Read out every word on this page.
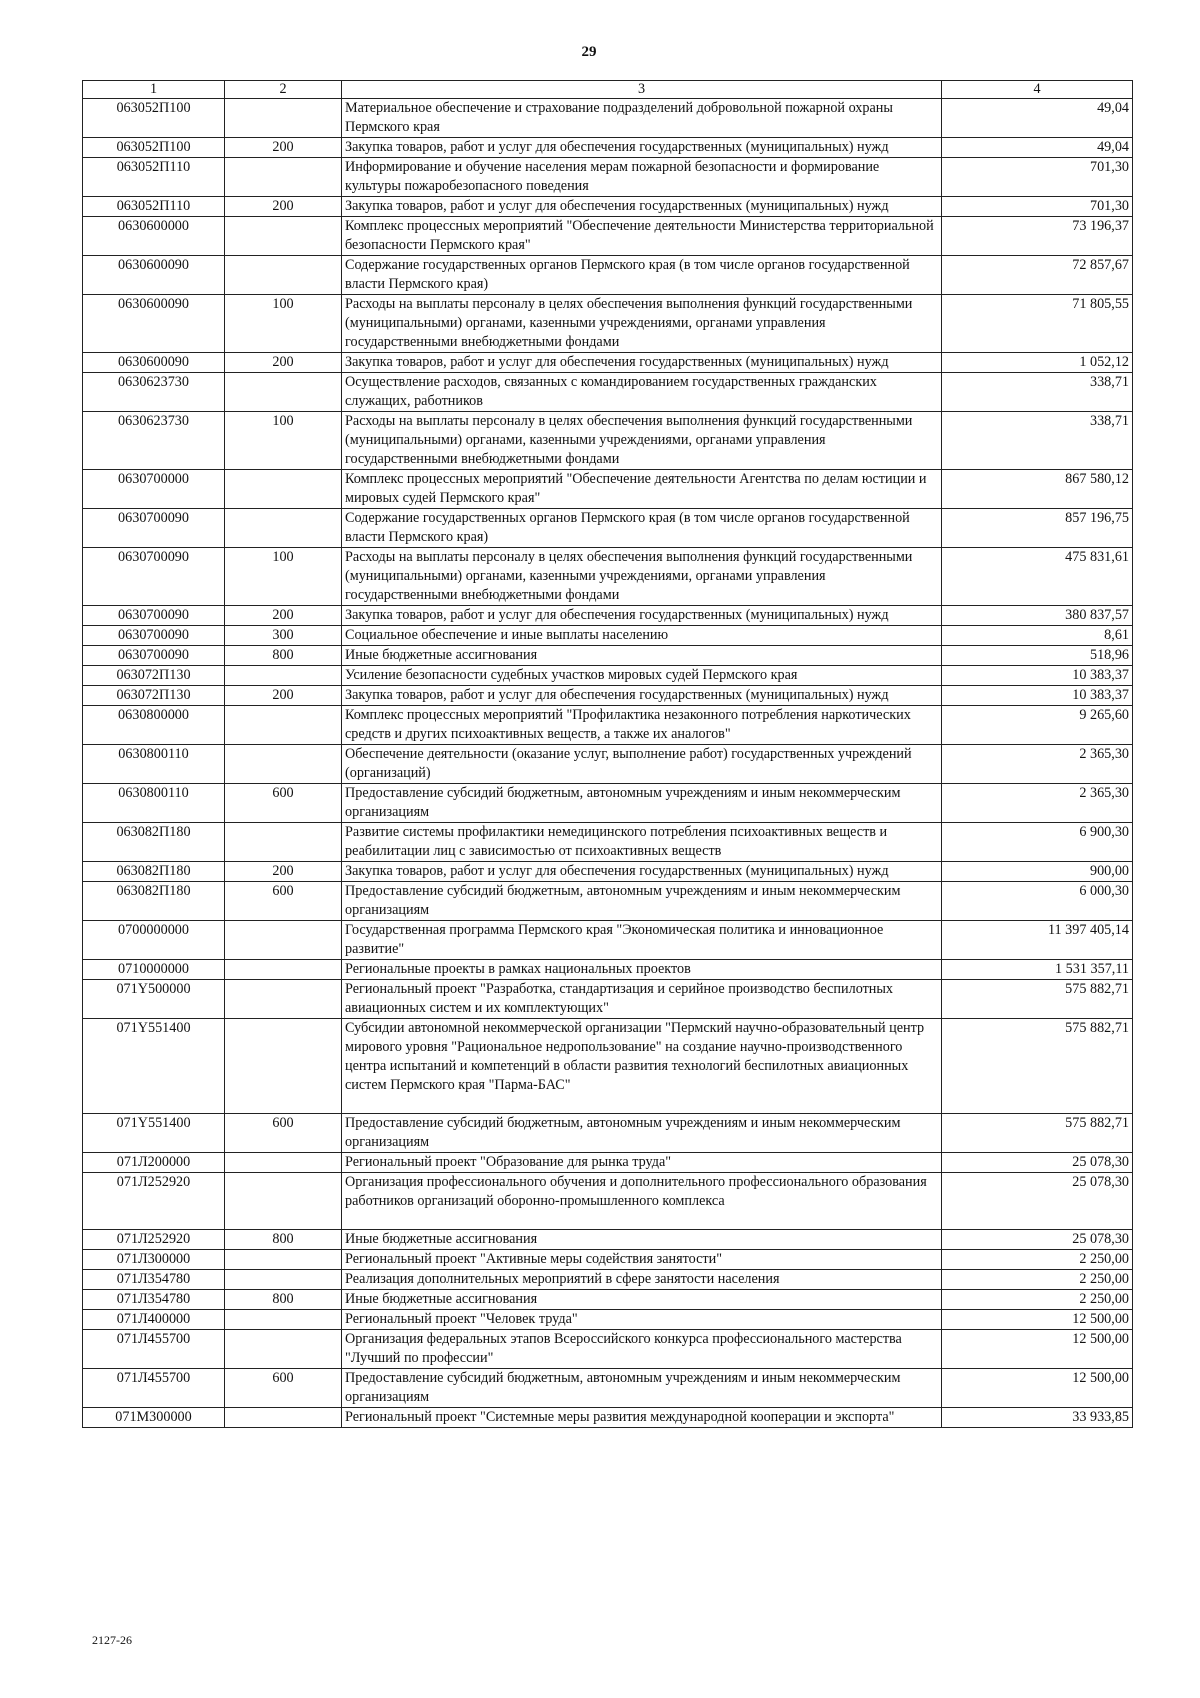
29
1	2	3	4
063052П100		Материальное обеспечение и страхование подразделений добровольной пожарной охраны Пермского края	49,04
063052П100	200	Закупка товаров, работ и услуг для обеспечения государственных (муниципальных) нужд	49,04
063052П110		Информирование и обучение населения мерам пожарной безопасности и формирование культуры пожаробезопасного поведения	701,30
063052П110	200	Закупка товаров, работ и услуг для обеспечения государственных (муниципальных) нужд	701,30
0630600000		Комплекс процессных мероприятий "Обеспечение деятельности Министерства территориальной безопасности Пермского края"	73 196,37
0630600090		Содержание государственных органов Пермского края (в том числе органов государственной власти Пермского края)	72 857,67
0630600090	100	Расходы на выплаты персоналу в целях обеспечения выполнения функций государственными (муниципальными) органами, казенными учреждениями, органами управления государственными внебюджетными фондами	71 805,55
0630600090	200	Закупка товаров, работ и услуг для обеспечения государственных (муниципальных) нужд	1 052,12
0630623730		Осуществление расходов, связанных с командированием государственных гражданских служащих, работников	338,71
0630623730	100	Расходы на выплаты персоналу в целях обеспечения выполнения функций государственными (муниципальными) органами, казенными учреждениями, органами управления государственными внебюджетными фондами	338,71
0630700000		Комплекс процессных мероприятий "Обеспечение деятельности Агентства по делам юстиции и мировых судей Пермского края"	867 580,12
0630700090		Содержание государственных органов Пермского края (в том числе органов государственной власти Пермского края)	857 196,75
0630700090	100	Расходы на выплаты персоналу в целях обеспечения выполнения функций государственными (муниципальными) органами, казенными учреждениями, органами управления государственными внебюджетными фондами	475 831,61
0630700090	200	Закупка товаров, работ и услуг для обеспечения государственных (муниципальных) нужд	380 837,57
0630700090	300	Социальное обеспечение и иные выплаты населению	8,61
0630700090	800	Иные бюджетные ассигнования	518,96
063072П130		Усиление безопасности судебных участков мировых судей Пермского края	10 383,37
063072П130	200	Закупка товаров, работ и услуг для обеспечения государственных (муниципальных) нужд	10 383,37
0630800000		Комплекс процессных мероприятий "Профилактика незаконного потребления наркотических средств и других психоактивных веществ, а также их аналогов"	9 265,60
0630800110		Обеспечение деятельности (оказание услуг, выполнение работ) государственных учреждений (организаций)	2 365,30
0630800110	600	Предоставление субсидий бюджетным, автономным учреждениям и иным некоммерческим организациям	2 365,30
063082П180		Развитие системы профилактики немедицинского потребления психоактивных веществ и реабилитации лиц с зависимостью от психоактивных веществ	6 900,30
063082П180	200	Закупка товаров, работ и услуг для обеспечения государственных (муниципальных) нужд	900,00
063082П180	600	Предоставление субсидий бюджетным, автономным учреждениям и иным некоммерческим организациям	6 000,30
0700000000		Государственная программа Пермского края "Экономическая политика и инновационное развитие"	11 397 405,14
0710000000		Региональные проекты в рамках национальных проектов	1 531 357,11
071Y500000		Региональный проект "Разработка, стандартизация и серийное производство беспилотных авиационных систем и их комплектующих"	575 882,71
071Y551400		Субсидии автономной некоммерческой организации "Пермский научно-образовательный центр мирового уровня "Рациональное недропользование" на создание научно-производственного центра испытаний и компетенций в области развития технологий беспилотных авиационных систем Пермского края "Парма-БАС"	575 882,71
071Y551400	600	Предоставление субсидий бюджетным, автономным учреждениям и иным некоммерческим организациям	575 882,71
071Л200000		Региональный проект "Образование для рынка труда"	25 078,30
071Л252920		Организация профессионального обучения и дополнительного профессионального образования работников организаций оборонно-промышленного комплекса	25 078,30
071Л252920	800	Иные бюджетные ассигнования	25 078,30
071Л300000		Региональный проект "Активные меры содействия занятости"	2 250,00
071Л354780		Реализация дополнительных мероприятий в сфере занятости населения	2 250,00
071Л354780	800	Иные бюджетные ассигнования	2 250,00
071Л400000		Региональный проект "Человек труда"	12 500,00
071Л455700		Организация федеральных этапов Всероссийского конкурса профессионального мастерства "Лучший по профессии"	12 500,00
071Л455700	600	Предоставление субсидий бюджетным, автономным учреждениям и иным некоммерческим организациям	12 500,00
071М300000		Региональный проект "Системные меры развития международной кооперации и экспорта"	33 933,85
2127-26
